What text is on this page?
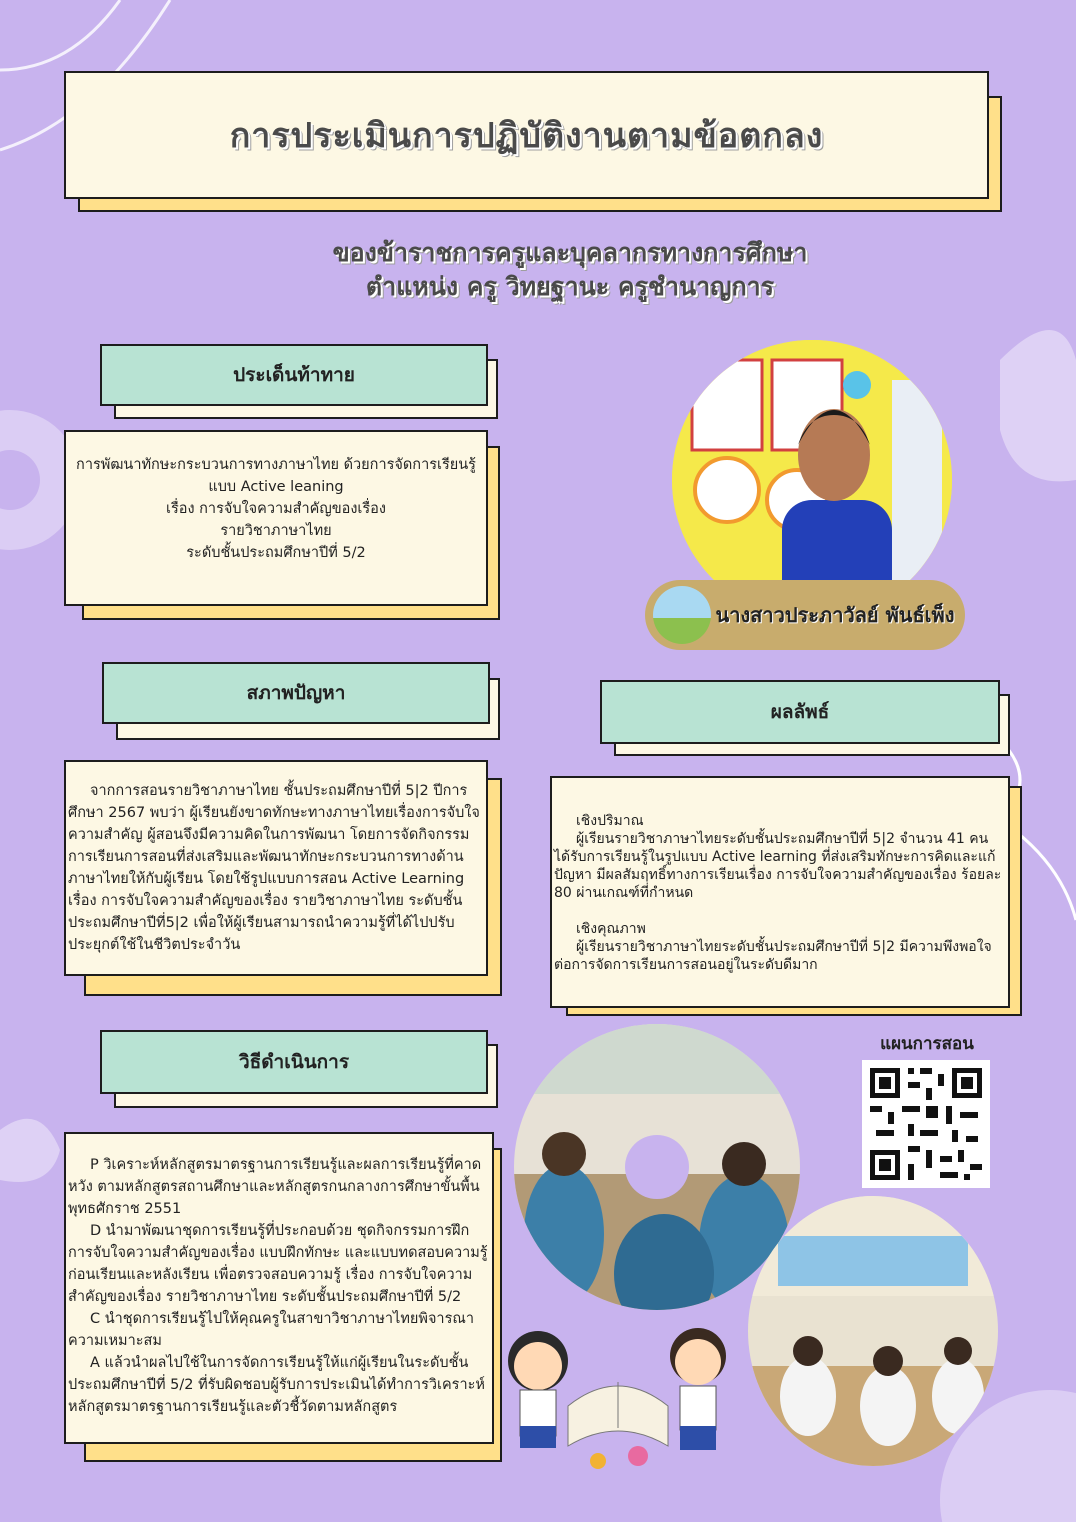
การประเมินการปฏิบัติงานตามข้อตกลง
ของข้าราชการครูและบุคลากรทางการศึกษา
ตำแหน่ง ครู วิทยฐานะ ครูชำนาญการ
ประเด็นท้าทาย
การพัฒนาทักษะกระบวนการทางภาษาไทย ด้วยการจัดการเรียนรู้
แบบ Active leaning
เรื่อง การจับใจความสำคัญของเรื่อง
รายวิชาภาษาไทย
ระดับชั้นประถมศึกษาปีที่ 5/2
นางสาวประภาวัลย์ พันธ์เพ็ง
สภาพปัญหา

จากการสอนรายวิชาภาษาไทย ชั้นประถมศึกษาปีที่ 5|2 ปีการศึกษา 2567 พบว่า ผู้เรียนยังขาดทักษะทางภาษาไทยเรื่องการจับใจความสำคัญ ผู้สอนจึงมีความคิดในการพัฒนา โดยการจัดกิจกรรมการเรียนการสอนที่ส่งเสริมและพัฒนาทักษะกระบวนการทางด้านภาษาไทยให้กับผู้เรียน โดยใช้รูปแบบการสอน Active Learning เรื่อง การจับใจความสำคัญของเรื่อง รายวิชาภาษาไทย ระดับชั้นประถมศึกษาปีที่5|2 เพื่อให้ผู้เรียนสามารถนำความรู้ที่ได้ไปปรับประยุกต์ใช้ในชีวิตประจำวัน

ผลลัพธ์

เชิงปริมาณ

ผู้เรียนรายวิชาภาษาไทยระดับชั้นประถมศึกษาปีที่ 5|2 จำนวน 41 คน ได้รับการเรียนรู้ในรูปแบบ Active learning ที่ส่งเสริมทักษะการคิดและแก้ปัญหา มีผลสัมฤทธิ์ทางการเรียนเรื่อง การจับใจความสำคัญของเรื่อง ร้อยละ 80 ผ่านเกณฑ์ที่กำหนด

เชิงคุณภาพ

ผู้เรียนรายวิชาภาษาไทยระดับชั้นประถมศึกษาปีที่ 5|2 มีความพึงพอใจต่อการจัดการเรียนการสอนอยู่ในระดับดีมาก

วิธีดำเนินการ

P วิเคราะห์หลักสูตรมาตรฐานการเรียนรู้และผลการเรียนรู้ที่คาดหวัง ตามหลักสูตรสถานศึกษาและหลักสูตรกนกลางการศึกษาขั้นพื้นพุทธศักราช 2551

D นำมาพัฒนาชุดการเรียนรู้ที่ประกอบด้วย ชุดกิจกรรมการฝึกการจับใจความสำคัญของเรื่อง แบบฝึกทักษะ และแบบทดสอบความรู้ก่อนเรียนและหลังเรียน เพื่อตรวจสอบความรู้ เรื่อง การจับใจความสำคัญของเรื่อง รายวิชาภาษาไทย ระดับชั้นประถมศึกษาปีที่ 5/2

C นำชุดการเรียนรู้ไปให้คุณครูในสาขาวิชาภาษาไทยพิจารณาความเหมาะสม

A แล้วนำผลไปใช้ในการจัดการเรียนรู้ให้แก่ผู้เรียนในระดับชั้นประถมศึกษาปีที่ 5/2 ที่รับผิดชอบผู้รับการประเมินได้ทำการวิเคราะห์หลักสูตรมาตรฐานการเรียนรู้และตัวชี้วัดตามหลักสูตร

แผนการสอน
